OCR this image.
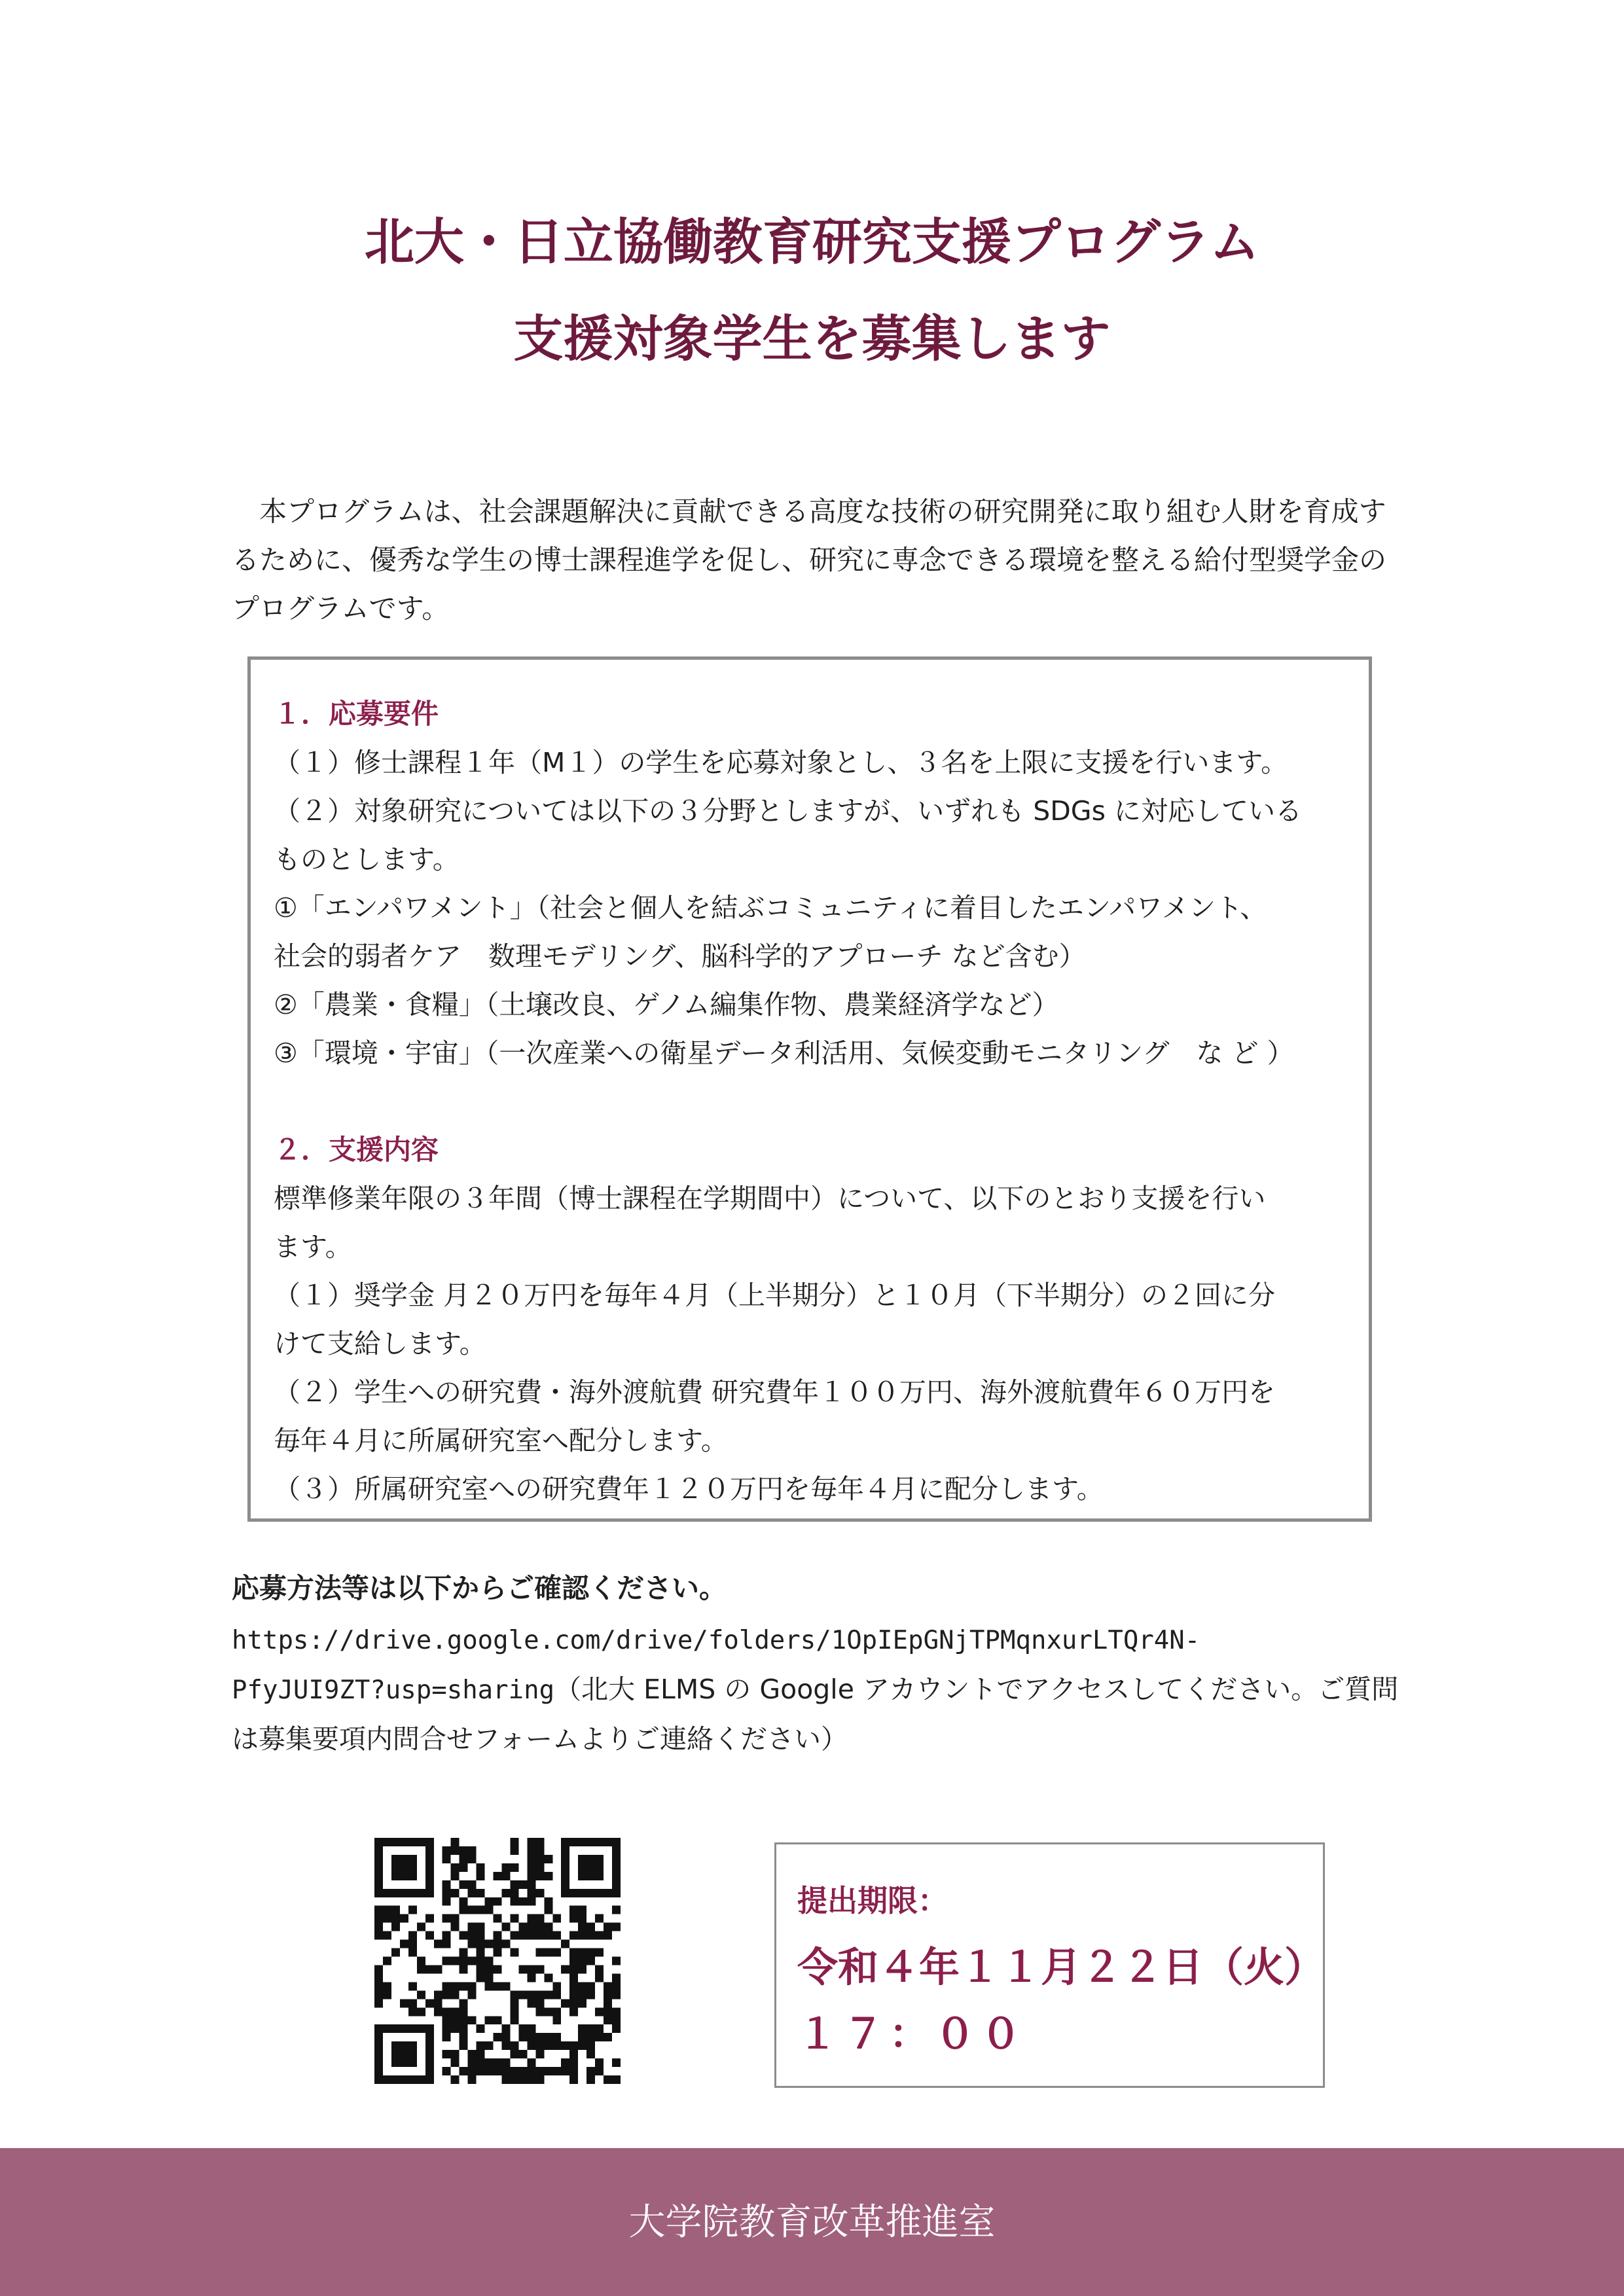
北大・日立協働教育研究支援プログラム
支援対象学生を募集します
本プログラムは、社会課題解決に貢献できる高度な技術の研究開発に取り組む人財を育成するために、優秀な学生の博士課程進学を促し、研究に専念できる環境を整える給付型奨学金のプログラムです。
１．応募要件
（１）修士課程１年（M１）の学生を応募対象とし、３名を上限に支援を行います。
（２）対象研究については以下の３分野としますが、いずれも SDGs に対応している
ものとします。
①「エンパワメント」（社会と個人を結ぶコミュニティに着目したエンパワメント、
社会的弱者ケア　数理モデリング、脳科学的アプローチ など含む）
②「農業・食糧」（土壌改良、ゲノム編集作物、農業経済学など）
③「環境・宇宙」（一次産業への衛星データ利活用、気候変動モニタリング　な ど ）
２．支援内容
標準修業年限の３年間（博士課程在学期間中）について、以下のとおり支援を行い
ます。
（１）奨学金 月２０万円を毎年４月（上半期分）と１０月（下半期分）の２回に分
けて支給します。
（２）学生への研究費・海外渡航費 研究費年１００万円、海外渡航費年６０万円を
毎年４月に所属研究室へ配分します。
（３）所属研究室への研究費年１２０万円を毎年４月に配分します。
応募方法等は以下からご確認ください。
https://drive.google.com/drive/folders/1OpIEpGNjTPMqnxurLTQr4N-
PfyJUI9ZT?usp=sharing（北大 ELMS の Google アカウントでアクセスしてください。ご質問
は募集要項内問合せフォームよりご連絡ください）
提出期限：
令和４年１１月２２日（火）
１７：００
大学院教育改革推進室
